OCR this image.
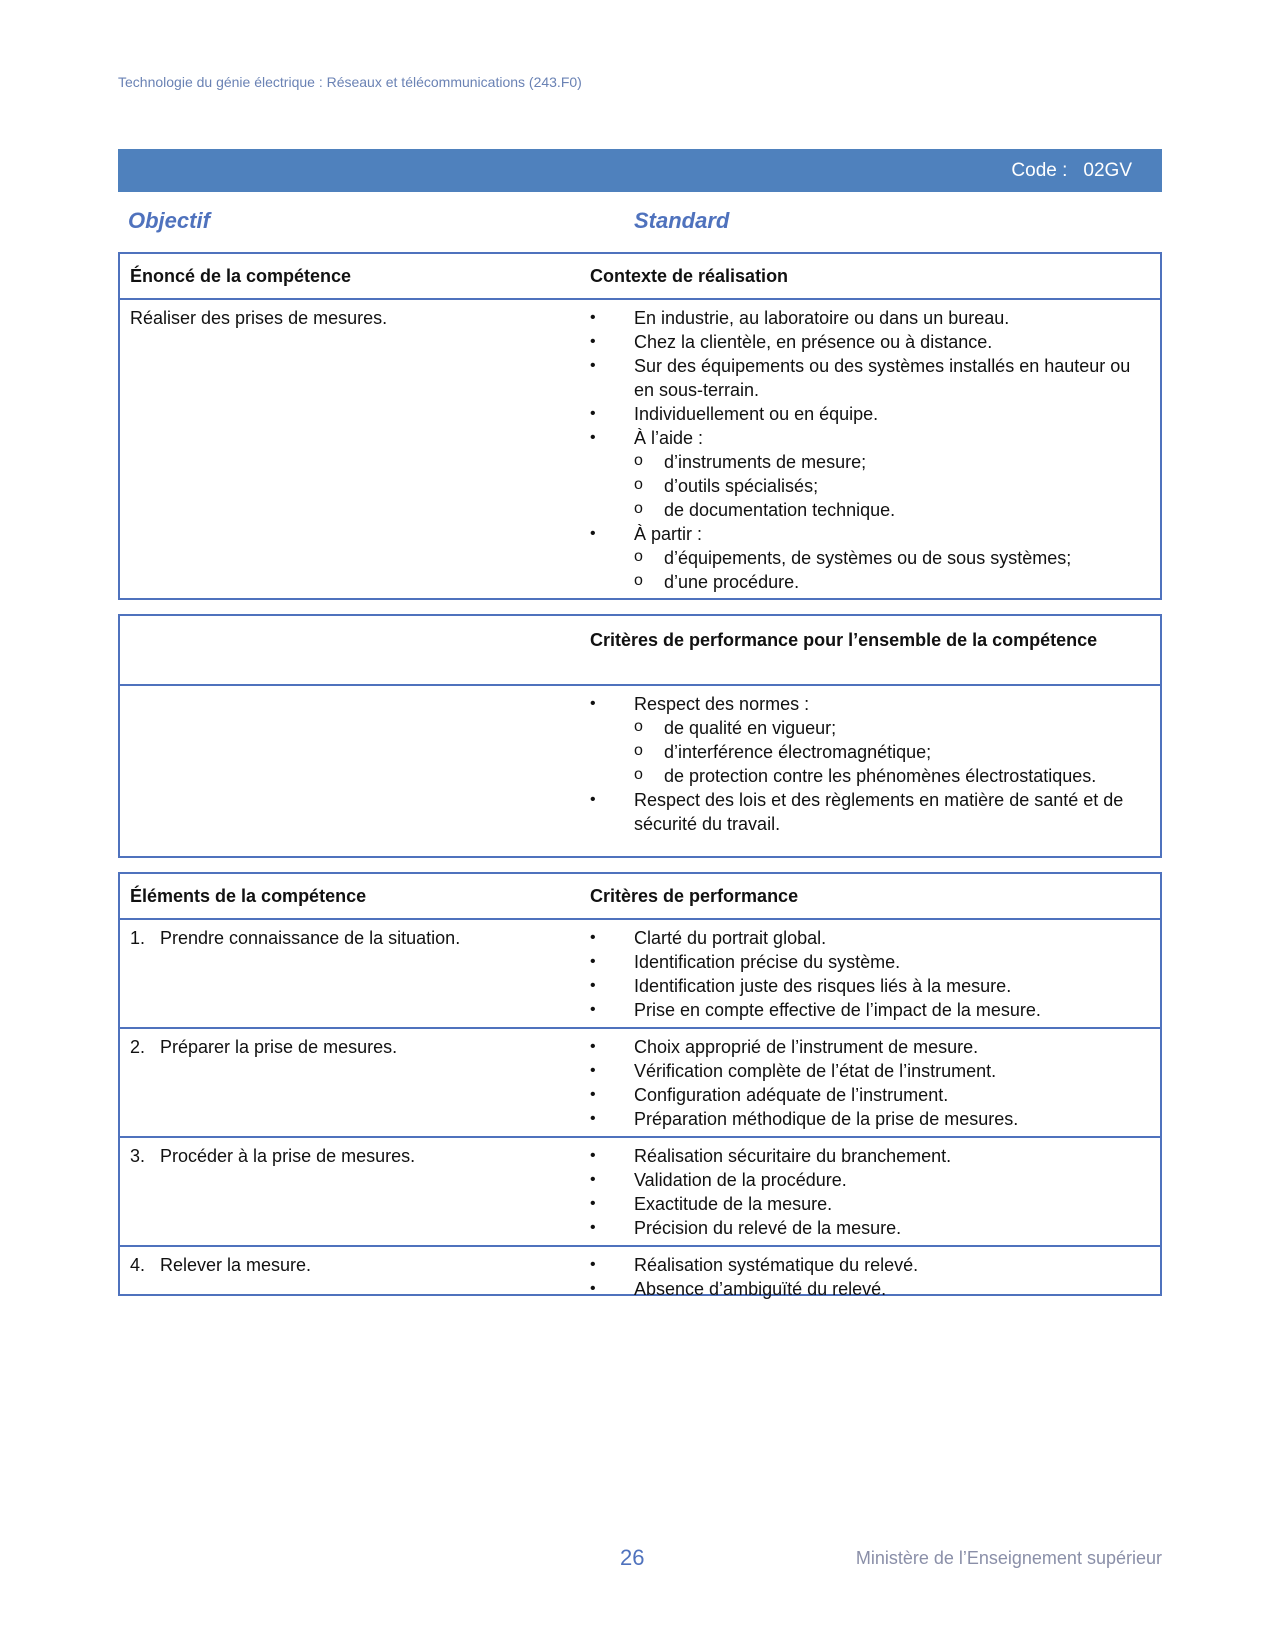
Technologie du génie électrique : Réseaux et télécommunications (243.F0)
Code : 02GV
Objectif	Standard
Énoncé de la compétence	Contexte de réalisation
Réaliser des prises de mesures.	• En industrie, au laboratoire ou dans un bureau.
• Chez la clientèle, en présence ou à distance.
• Sur des équipements ou des systèmes installés en hauteur ou en sous-terrain.
• Individuellement ou en équipe.
• À l’aide :
o d’instruments de mesure;
o d’outils spécialisés;
o de documentation technique.
• À partir :
o d’équipements, de systèmes ou de sous systèmes;
o d’une procédure.
Critères de performance pour l’ensemble de la compétence
• Respect des normes :
o de qualité en vigueur;
o d’interférence électromagnétique;
o de protection contre les phénomènes électrostatiques.
• Respect des lois et des règlements en matière de santé et de sécurité du travail.
Éléments de la compétence	Critères de performance
1. Prendre connaissance de la situation.	• Clarté du portrait global.
• Identification précise du système.
• Identification juste des risques liés à la mesure.
• Prise en compte effective de l’impact de la mesure.
2. Préparer la prise de mesures.	• Choix approprié de l’instrument de mesure.
• Vérification complète de l’état de l’instrument.
• Configuration adéquate de l’instrument.
• Préparation méthodique de la prise de mesures.
3. Procéder à la prise de mesures.	• Réalisation sécuritaire du branchement.
• Validation de la procédure.
• Exactitude de la mesure.
• Précision du relevé de la mesure.
4. Relever la mesure.	• Réalisation systématique du relevé.
• Absence d’ambiguïté du relevé.
26	Ministère de l’Enseignement supérieur
